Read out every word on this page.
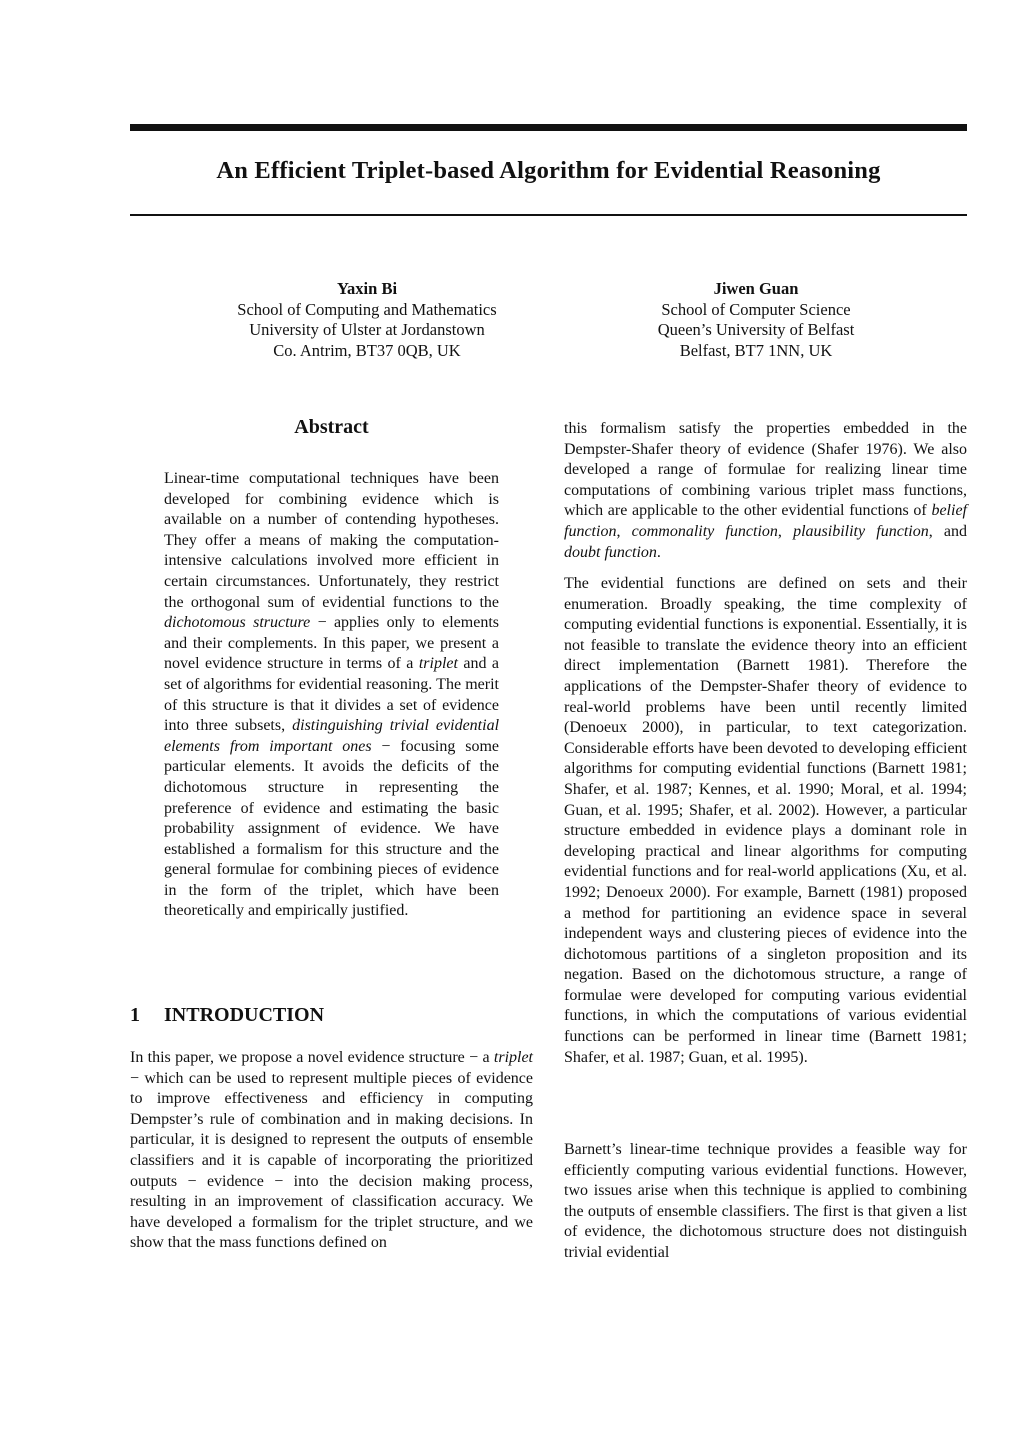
An Efficient Triplet-based Algorithm for Evidential Reasoning
Yaxin Bi
School of Computing and Mathematics
University of Ulster at Jordanstown
Co. Antrim, BT37 0QB, UK
Jiwen Guan
School of Computer Science
Queen’s University of Belfast
Belfast, BT7 1NN, UK
Abstract

Linear-time computational techniques have been developed for combining evidence which is available on a number of contending hypotheses. They offer a means of making the computation-intensive calculations involved more efficient in certain circumstances. Unfortunately, they restrict the orthogonal sum of evidential functions to the dichotomous structure − applies only to elements and their complements. In this paper, we present a novel evidence structure in terms of a triplet and a set of algorithms for evidential reasoning. The merit of this structure is that it divides a set of evidence into three subsets, distinguishing trivial evidential elements from important ones − focusing some particular elements. It avoids the deficits of the dichotomous structure in representing the preference of evidence and estimating the basic probability assignment of evidence. We have established a formalism for this structure and the general formulae for combining pieces of evidence in the form of the triplet, which have been theoretically and empirically justified.

1 INTRODUCTION

In this paper, we propose a novel evidence structure − a triplet − which can be used to represent multiple pieces of evidence to improve effectiveness and efficiency in computing Dempster’s rule of combination and in making decisions. In particular, it is designed to represent the outputs of ensemble classifiers and it is capable of incorporating the prioritized outputs − evidence − into the decision making process, resulting in an improvement of classification accuracy. We have developed a formalism for the triplet structure, and we show that the mass functions defined on

this formalism satisfy the properties embedded in the Dempster-Shafer theory of evidence (Shafer 1976). We also developed a range of formulae for realizing linear time computations of combining various triplet mass functions, which are applicable to the other evidential functions of belief function, commonality function, plausibility function, and doubt function.

The evidential functions are defined on sets and their enumeration. Broadly speaking, the time complexity of computing evidential functions is exponential. Essentially, it is not feasible to translate the evidence theory into an efficient direct implementation (Barnett 1981). Therefore the applications of the Dempster-Shafer theory of evidence to real-world problems have been until recently limited (Denoeux 2000), in particular, to text categorization. Considerable efforts have been devoted to developing efficient algorithms for computing evidential functions (Barnett 1981; Shafer, et al. 1987; Kennes, et al. 1990; Moral, et al. 1994; Guan, et al. 1995; Shafer, et al. 2002). However, a particular structure embedded in evidence plays a dominant role in developing practical and linear algorithms for computing evidential functions and for real-world applications (Xu, et al. 1992; Denoeux 2000). For example, Barnett (1981) proposed a method for partitioning an evidence space in several independent ways and clustering pieces of evidence into the dichotomous partitions of a singleton proposition and its negation. Based on the dichotomous structure, a range of formulae were developed for computing various evidential functions, in which the computations of various evidential functions can be performed in linear time (Barnett 1981; Shafer, et al. 1987; Guan, et al. 1995).

Barnett’s linear-time technique provides a feasible way for efficiently computing various evidential functions. However, two issues arise when this technique is applied to combining the outputs of ensemble classifiers. The first is that given a list of evidence, the dichotomous structure does not distinguish trivial evidential
